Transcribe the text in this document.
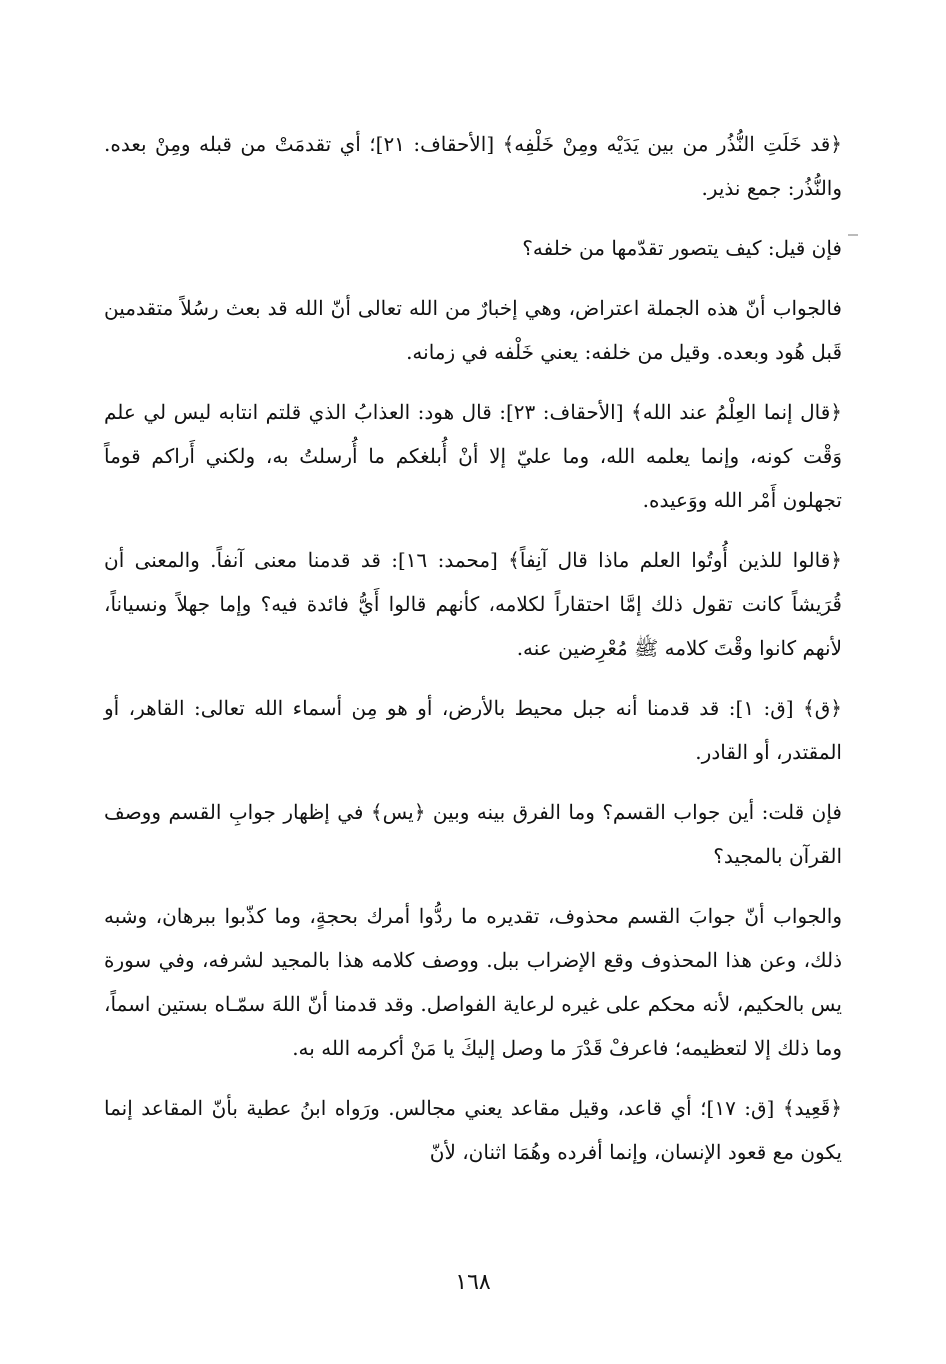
﴿قد خَلَتِ النُّذُر من بين يَدَيْه ومِنْ خَلْفِه﴾ [الأحقاف: ٢١]؛ أي تقدمَتْ من قبله ومِنْ بعده. والنُّذُر: جمع نذير.

فإن قيل: كيف يتصور تقدّمها من خلفه؟

فالجواب أنّ هذه الجملة اعتراض، وهي إخبارٌ من الله تعالى أنّ الله قد بعث رسُلاً متقدمين قَبل هُود وبعده. وقيل من خلفه: يعني خَلْفه في زمانه.

﴿قال إنما العِلْمُ عند الله﴾ [الأحقاف: ٢٣]: قال هود: العذابُ الذي قلتم انتابه ليس لي علم وَقْت كونه، وإنما يعلمه الله، وما عليّ إلا أنْ أُبلغكم ما أُرسلتُ به، ولكني أَراكم قوماً تجهلون أَمْر الله ووَعيده.

﴿قالوا للذين أُوتُوا العلم ماذا قال آنِفاً﴾ [محمد: ١٦]: قد قدمنا معنى آنفاً. والمعنى أن قُرَيشاً كانت تقول ذلك إمَّا احتقاراً لكلامه، كأنهم قالوا أَيُّ فائدة فيه؟ وإما جهلاً ونسياناً، لأنهم كانوا وقْتَ كلامه ﷺ مُعْرِضين عنه.

﴿ق﴾ [ق: ١]: قد قدمنا أنه جبل محيط بالأرض، أو هو مِن أسماء الله تعالى: القاهر، أو المقتدر، أو القادر.

فإن قلت: أين جواب القسم؟ وما الفرق بينه وبين ﴿يس﴾ في إظهار جوابِ القسم ووصف القرآن بالمجيد؟

والجواب أنّ جوابَ القسم محذوف، تقديره ما ردُّوا أمرك بحجةٍ، وما كذّبوا ببرهان، وشبه ذلك، وعن هذا المحذوف وقع الإضراب ببل. ووصف كلامه هذا بالمجيد لشرفه، وفي سورة يس بالحكيم، لأنه محكم على غيره لرعاية الفواصل. وقد قدمنا أنّ اللهَ سمّـاه بستين اسماً، وما ذلك إلا لتعظيمه؛ فاعرفْ قَدْرَ ما وصل إليكَ يا مَنْ أكرمه الله به.

﴿قَعِيد﴾ [ق: ١٧]؛ أي قاعد، وقيل مقاعد يعني مجالس. ورَواه ابنُ عطية بأنّ المقاعد إنما يكون مع قعود الإنسان، وإنما أفرده وهُمَا اثنان، لأنّ

١٦٨
